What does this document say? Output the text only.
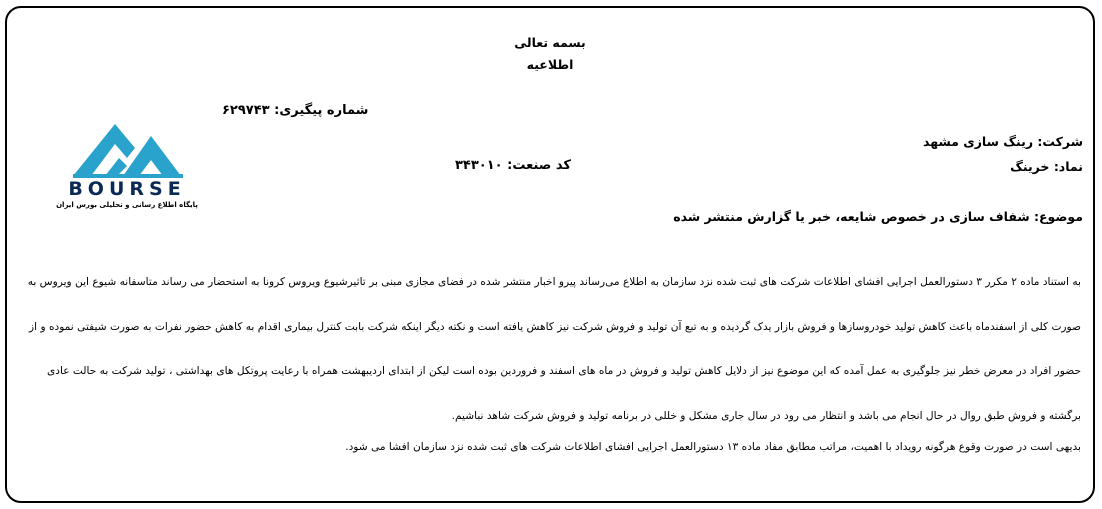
بسمه تعالی
اطلاعیه
شماره پیگیری: ۶۲۹۷۴۳
شرکت: رینگ سازی مشهد
نماد: خرینگ
کد صنعت: ۳۴۳۰۱۰
موضوع: شفاف سازی در خصوص شایعه، خبر یا گزارش منتشر شده
BOURSE
پایگاه اطلاع رسانی و تحلیلی بورس ایران

به استناد ماده ۲ مکرر ۳ دستورالعمل اجرایی افشای اطلاعات شرکت های ثبت شده نزد سازمان به اطلاع می‌رساند پیرو اخبار منتشر شده در فضای مجازی مبنی بر تاثیرشیوع ویروس کرونا به استحضار می رساند متاسفانه شیوع این ویروس به صورت کلی از اسفندماه باعث کاهش تولید خودروسازها و فروش بازار یدک گردیده و به تبع آن تولید و فروش شرکت نیز کاهش یافته است و نکته دیگر اینکه شرکت بابت کنترل بیماری اقدام به کاهش حضور نفرات به صورت شیفتی نموده و از حضور افراد در معرض خطر نیز جلوگیری به عمل آمده که این موضوع نیز از دلایل کاهش تولید و فروش در ماه های اسفند و فروردین بوده است لیکن از ابتدای اردیبهشت همراه با رعایت پروتکل های بهداشتی ، تولید شرکت به حالت عادی برگشته و فروش طبق روال در حال انجام می باشد و انتظار می رود در سال جاری مشکل و خللی در برنامه تولید و فروش شرکت شاهد نباشیم.

بدیهی است در صورت وقوع هرگونه رویداد با اهمیت، مراتب مطابق مفاد ماده ۱۳ دستورالعمل اجرایی افشای اطلاعات شرکت های ثبت شده نزد سازمان افشا می شود.
